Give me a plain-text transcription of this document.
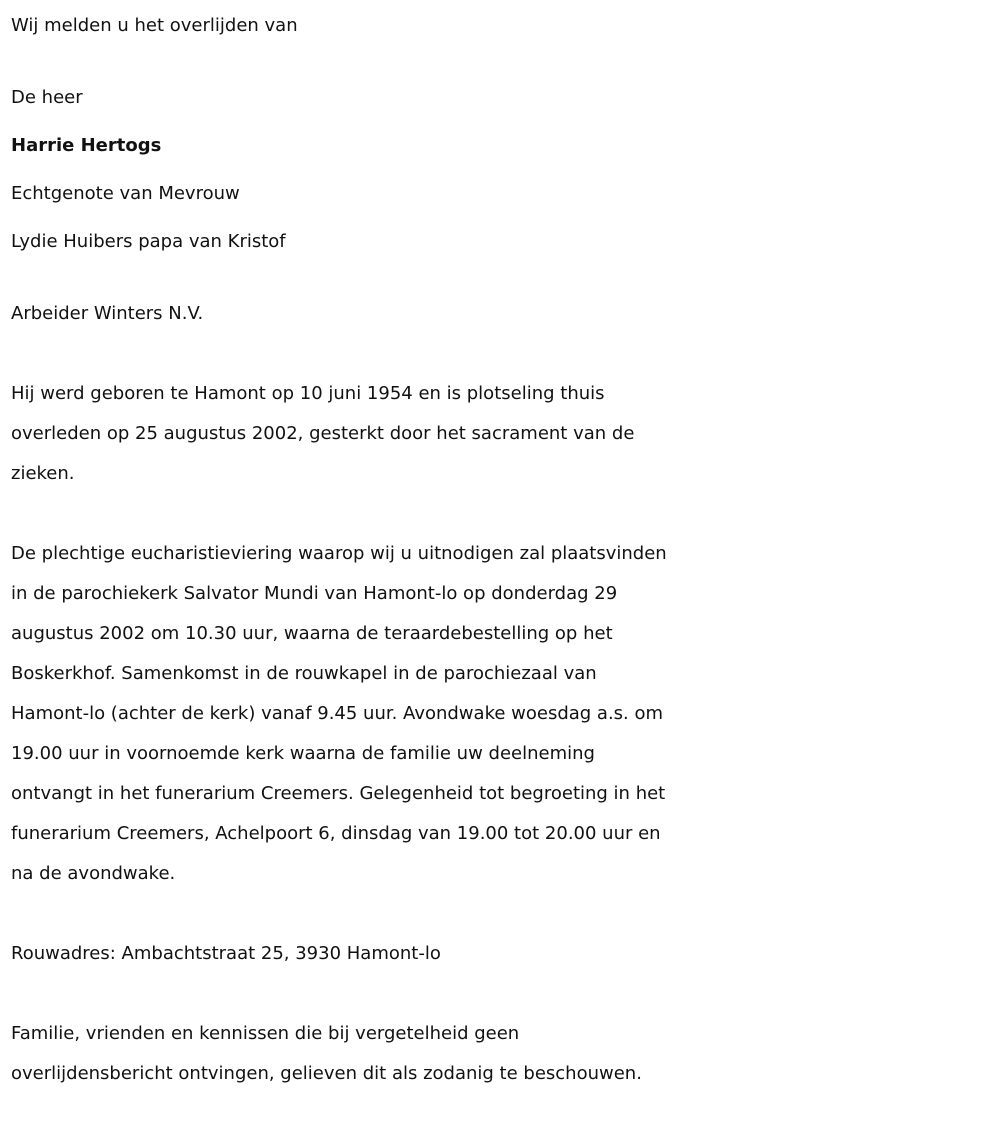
Wij melden u het overlijden van

De heer

Harrie Hertogs

Echtgenote van Mevrouw

Lydie Huibers papa van Kristof

Arbeider Winters N.V.

Hij werd geboren te Hamont op 10 juni 1954 en is plotseling thuis

overleden op 25 augustus 2002, gesterkt door het sacrament van de

zieken.

De plechtige eucharistieviering waarop wij u uitnodigen zal plaatsvinden

in de parochiekerk Salvator Mundi van Hamont-lo op donderdag 29

augustus 2002 om 10.30 uur, waarna de teraardebestelling op het

Boskerkhof. Samenkomst in de rouwkapel in de parochiezaal van

Hamont-lo (achter de kerk) vanaf 9.45 uur. Avondwake woesdag a.s. om

19.00 uur in voornoemde kerk waarna de familie uw deelneming

ontvangt in het funerarium Creemers. Gelegenheid tot begroeting in het

funerarium Creemers, Achelpoort 6, dinsdag van 19.00 tot 20.00 uur en

na de avondwake.

Rouwadres: Ambachtstraat 25, 3930 Hamont-lo

Familie, vrienden en kennissen die bij vergetelheid geen

overlijdensbericht ontvingen, gelieven dit als zodanig te beschouwen.
